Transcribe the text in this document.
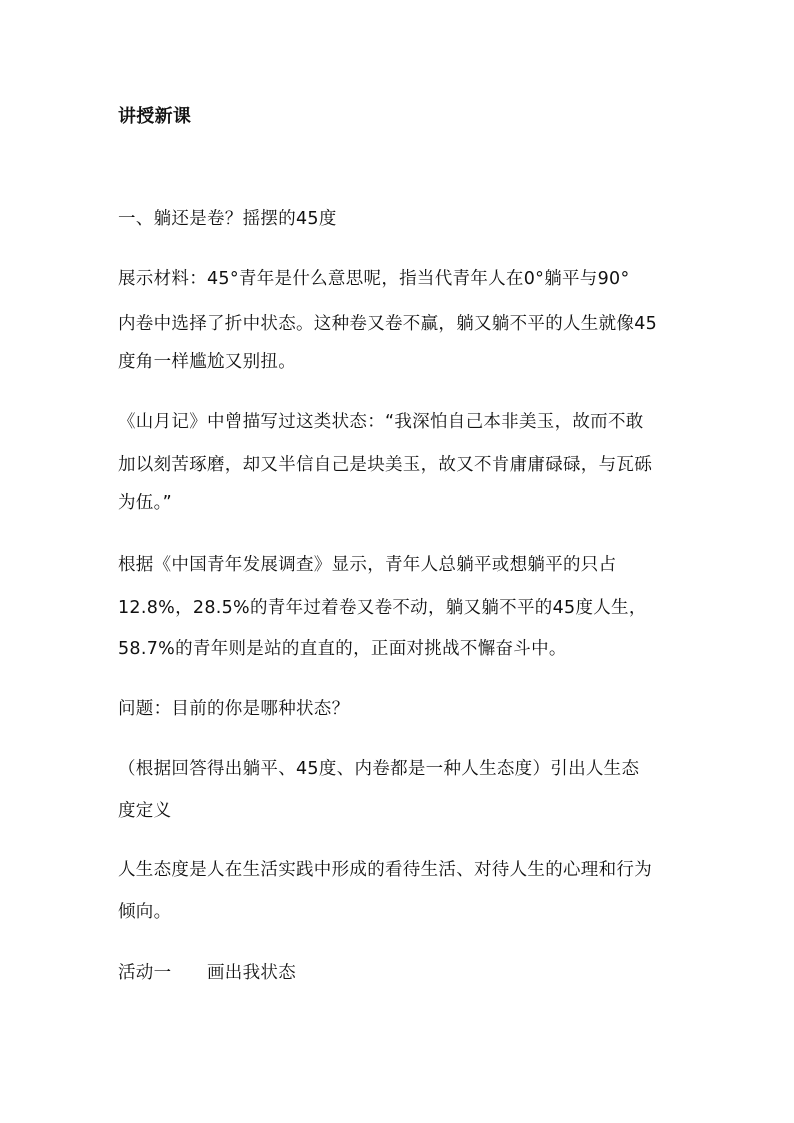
讲授新课
一、躺还是卷？摇摆的45度
展示材料：45°青年是什么意思呢，指当代青年人在0°躺平与90°
内卷中选择了折中状态。这种卷又卷不赢，躺又躺不平的人生就像45
度角一样尴尬又别扭。
《山月记》中曾描写过这类状态：“我深怕自己本非美玉，故而不敢
加以刻苦琢磨，却又半信自己是块美玉，故又不肯庸庸碌碌，与瓦砾
为伍。”
根据《中国青年发展调查》显示，青年人总躺平或想躺平的只占
12.8%，28.5%的青年过着卷又卷不动，躺又躺不平的45度人生，
58.7%的青年则是站的直直的，正面对挑战不懈奋斗中。
问题：目前的你是哪种状态？
（根据回答得出躺平、45度、内卷都是一种人生态度）引出人生态
度定义
人生态度是人在生活实践中形成的看待生活、对待人生的心理和行为
倾向。
活动一　　画出我状态
